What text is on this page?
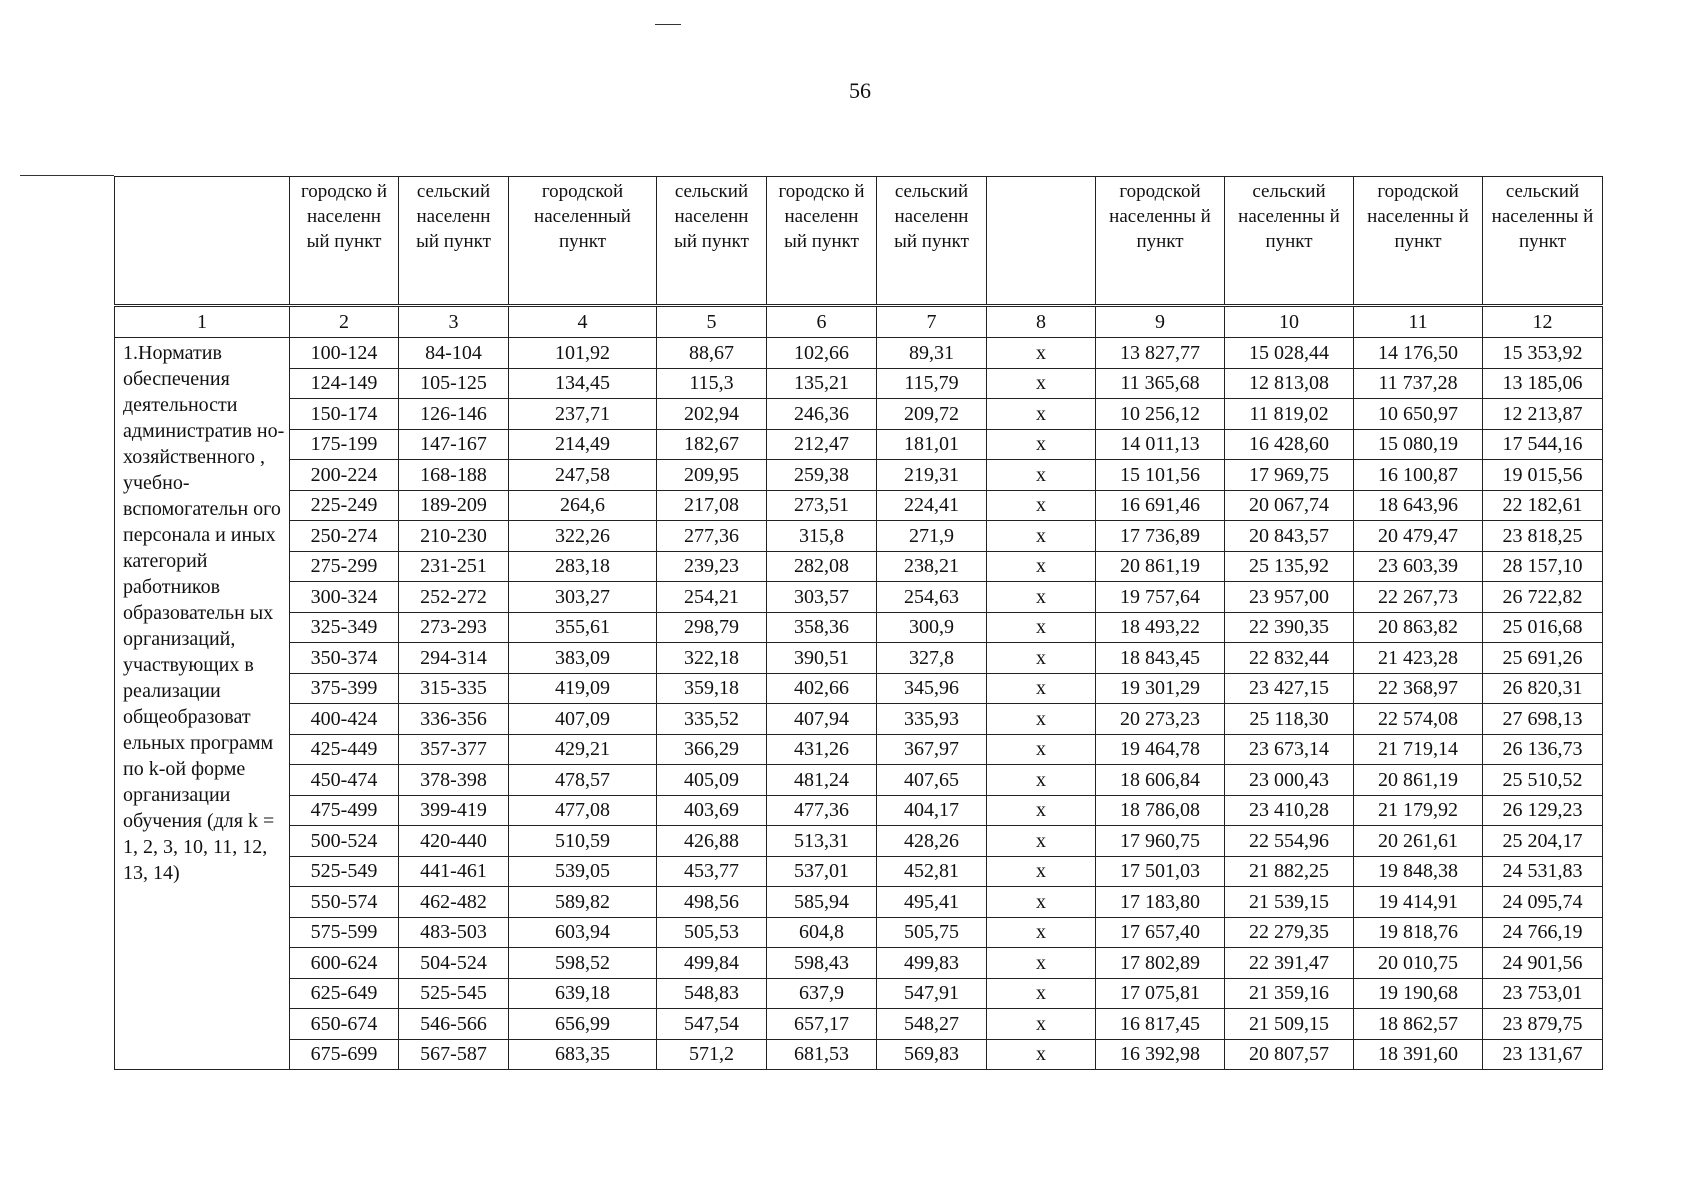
56
	городско й населенн ый пункт	сельский населенн ый пункт	городской населенный пункт	сельский населенн ый пункт	городско й населенн ый пункт	сельский населенн ый пункт		городской населенны й пункт	сельский населенны й пункт	городской населенны й пункт	сельский населенны й пункт
1	2	3	4	5	6	7	8	9	10	11	12
1.Норматив обеспечения деятельности административ но-хозяйственного , учебно-вспомогательн ого персонала и иных категорий работников образовательн ых организаций, участвующих в реализации общеобразоват ельных программ по k-ой форме организации обучения (для k = 1, 2, 3, 10, 11, 12, 13, 14)	100-124	84-104	101,92	88,67	102,66	89,31	х	13 827,77	15 028,44	14 176,50	15 353,92
	124-149	105-125	134,45	115,3	135,21	115,79	х	11 365,68	12 813,08	11 737,28	13 185,06
	150-174	126-146	237,71	202,94	246,36	209,72	х	10 256,12	11 819,02	10 650,97	12 213,87
	175-199	147-167	214,49	182,67	212,47	181,01	х	14 011,13	16 428,60	15 080,19	17 544,16
	200-224	168-188	247,58	209,95	259,38	219,31	х	15 101,56	17 969,75	16 100,87	19 015,56
	225-249	189-209	264,6	217,08	273,51	224,41	х	16 691,46	20 067,74	18 643,96	22 182,61
	250-274	210-230	322,26	277,36	315,8	271,9	х	17 736,89	20 843,57	20 479,47	23 818,25
	275-299	231-251	283,18	239,23	282,08	238,21	х	20 861,19	25 135,92	23 603,39	28 157,10
	300-324	252-272	303,27	254,21	303,57	254,63	х	19 757,64	23 957,00	22 267,73	26 722,82
	325-349	273-293	355,61	298,79	358,36	300,9	х	18 493,22	22 390,35	20 863,82	25 016,68
	350-374	294-314	383,09	322,18	390,51	327,8	х	18 843,45	22 832,44	21 423,28	25 691,26
	375-399	315-335	419,09	359,18	402,66	345,96	х	19 301,29	23 427,15	22 368,97	26 820,31
	400-424	336-356	407,09	335,52	407,94	335,93	х	20 273,23	25 118,30	22 574,08	27 698,13
	425-449	357-377	429,21	366,29	431,26	367,97	х	19 464,78	23 673,14	21 719,14	26 136,73
	450-474	378-398	478,57	405,09	481,24	407,65	х	18 606,84	23 000,43	20 861,19	25 510,52
	475-499	399-419	477,08	403,69	477,36	404,17	х	18 786,08	23 410,28	21 179,92	26 129,23
	500-524	420-440	510,59	426,88	513,31	428,26	х	17 960,75	22 554,96	20 261,61	25 204,17
	525-549	441-461	539,05	453,77	537,01	452,81	х	17 501,03	21 882,25	19 848,38	24 531,83
	550-574	462-482	589,82	498,56	585,94	495,41	х	17 183,80	21 539,15	19 414,91	24 095,74
	575-599	483-503	603,94	505,53	604,8	505,75	х	17 657,40	22 279,35	19 818,76	24 766,19
	600-624	504-524	598,52	499,84	598,43	499,83	х	17 802,89	22 391,47	20 010,75	24 901,56
	625-649	525-545	639,18	548,83	637,9	547,91	х	17 075,81	21 359,16	19 190,68	23 753,01
	650-674	546-566	656,99	547,54	657,17	548,27	х	16 817,45	21 509,15	18 862,57	23 879,75
	675-699	567-587	683,35	571,2	681,53	569,83	х	16 392,98	20 807,57	18 391,60	23 131,67
